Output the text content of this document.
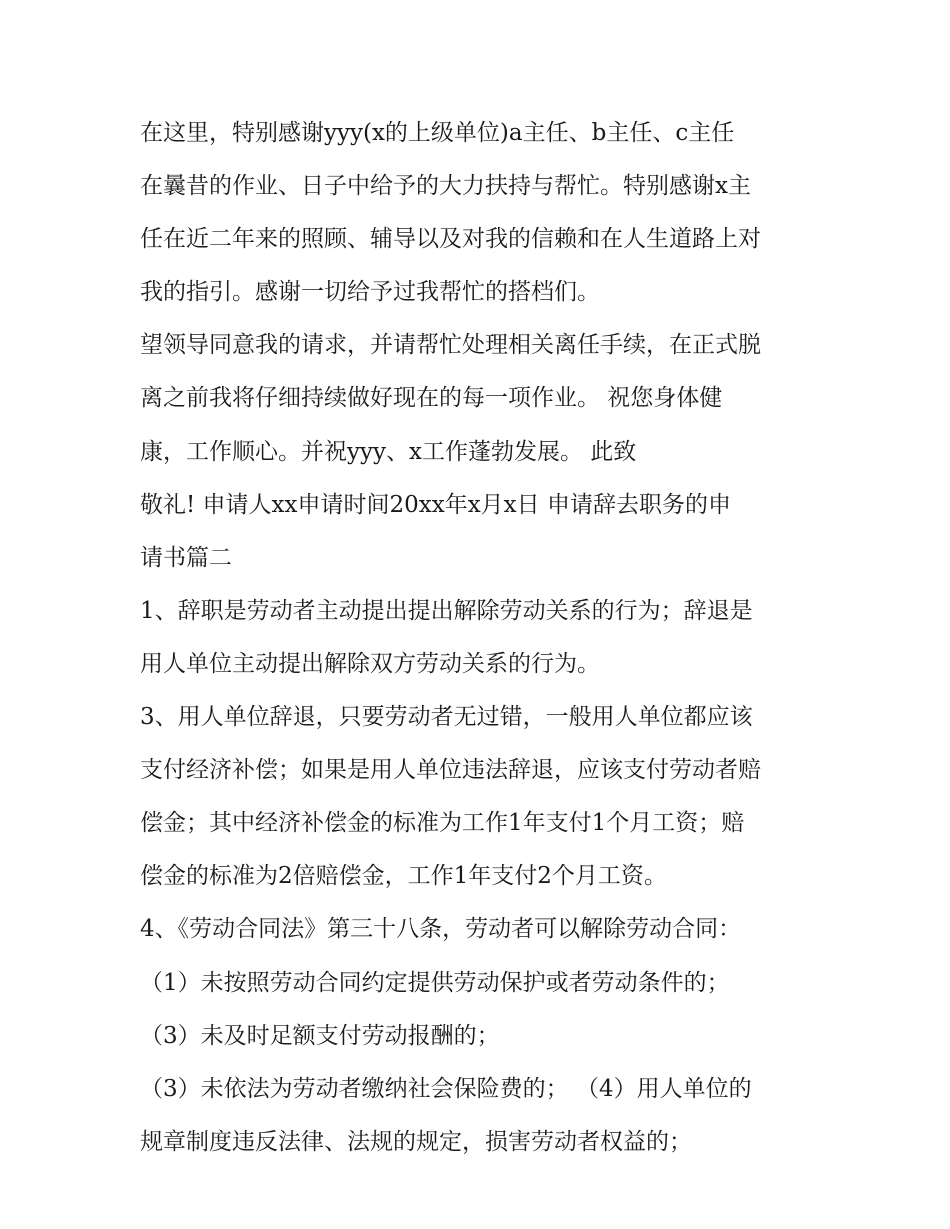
在这里，特别感谢yyy(x的上级单位)a主任、b主任、c主任
在曩昔的作业、日子中给予的大力扶持与帮忙。特别感谢x主
任在近二年来的照顾、辅导以及对我的信赖和在人生道路上对
我的指引。感谢一切给予过我帮忙的搭档们。
望领导同意我的请求，并请帮忙处理相关离任手续，在正式脱
离之前我将仔细持续做好现在的每一项作业。 祝您身体健
康，工作顺心。并祝yyy、x工作蓬勃发展。 此致
敬礼! 申请人xx申请时间20xx年x月x日 申请辞去职务的申
请书篇二
1、辞职是劳动者主动提出提出解除劳动关系的行为；辞退是
用人单位主动提出解除双方劳动关系的行为。
3、用人单位辞退，只要劳动者无过错，一般用人单位都应该
支付经济补偿；如果是用人单位违法辞退，应该支付劳动者赔
偿金；其中经济补偿金的标准为工作1年支付1个月工资；赔
偿金的标准为2倍赔偿金，工作1年支付2个月工资。
4、《劳动合同法》第三十八条，劳动者可以解除劳动合同：
（1）未按照劳动合同约定提供劳动保护或者劳动条件的；
（3）未及时足额支付劳动报酬的；
（3）未依法为劳动者缴纳社会保险费的； （4）用人单位的
规章制度违反法律、法规的规定，损害劳动者权益的；
